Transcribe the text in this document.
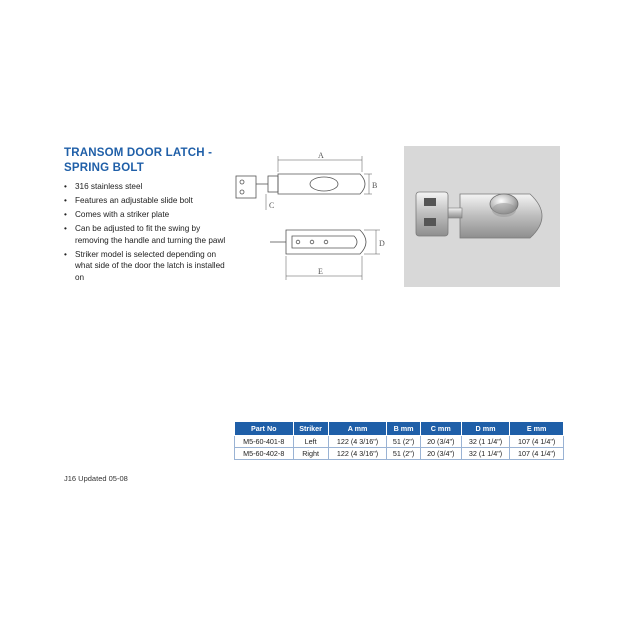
TRANSOM DOOR LATCH -
SPRING BOLT
• 316 stainless steel
• Features an adjustable slide bolt
• Comes with a striker plate
• Can be adjusted to fit the swing by removing the handle and turning the pawl
• Striker model is selected depending on what side of the door the latch is installed on
A
B
C
D
E
Part No	Striker	A mm	B mm	C mm	D mm	E mm
M5-60-401-8	Left	122 (4 3/16")	51 (2")	20 (3/4")	32 (1 1/4")	107 (4 1/4")
M5-60-402-8	Right	122 (4 3/16")	51 (2")	20 (3/4")	32 (1 1/4")	107 (4 1/4")
J16 Updated 05-08
